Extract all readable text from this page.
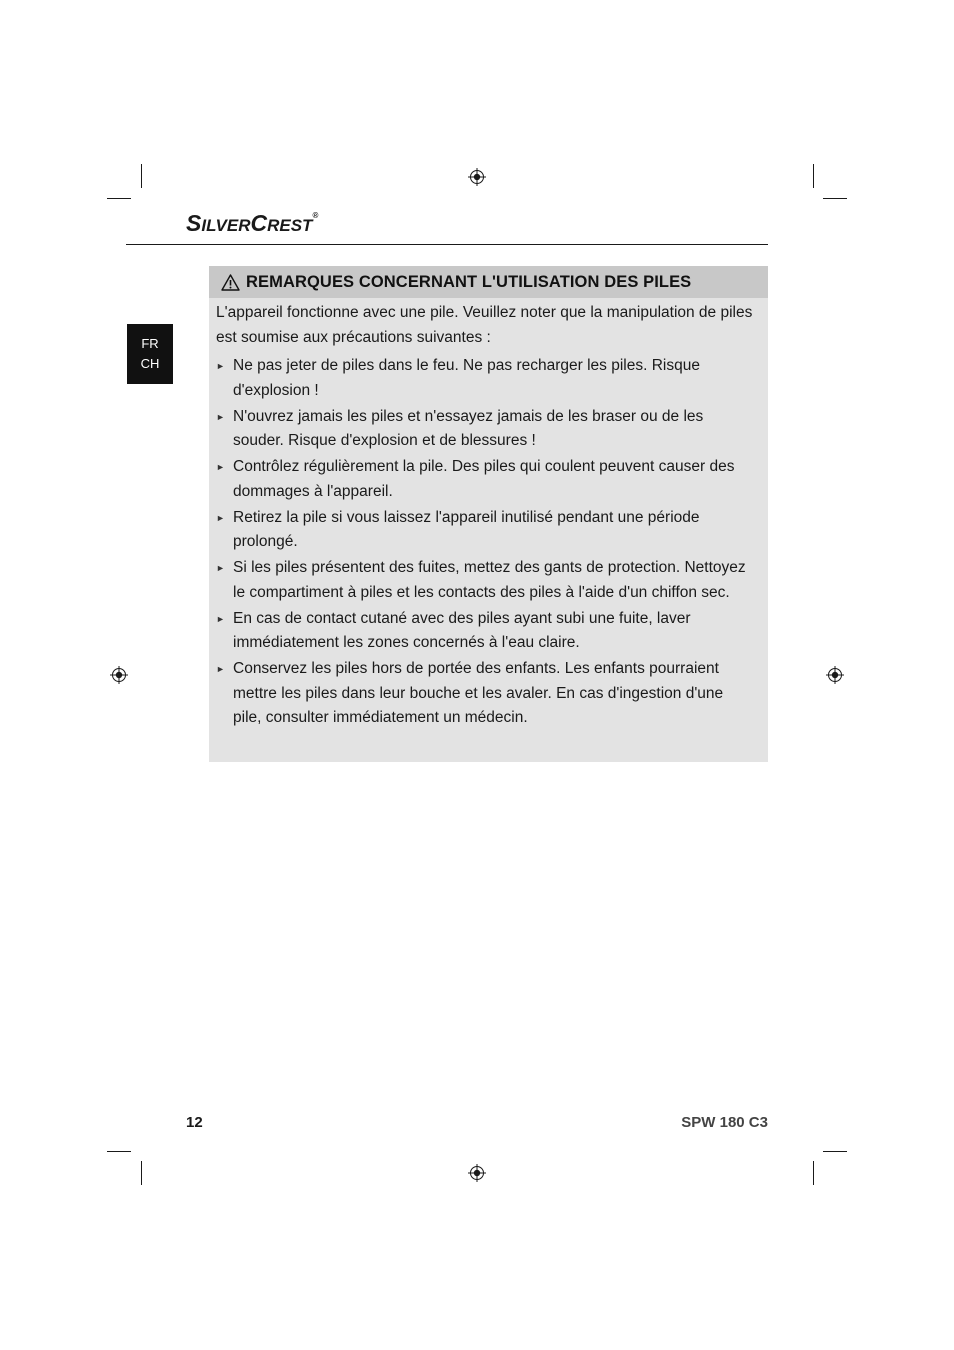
SILVERCREST®
FR
CH
REMARQUES CONCERNANT L'UTILISATION DES PILES

L'appareil fonctionne avec une pile. Veuillez noter que la manipulation de piles est soumise aux précautions suivantes :

► Ne pas jeter de piles dans le feu. Ne pas recharger les piles. Risque d'explosion !
► N'ouvrez jamais les piles et n'essayez jamais de les braser ou de les souder. Risque d'explosion et de blessures !
► Contrôlez régulièrement la pile. Des piles qui coulent peuvent causer des dommages à l'appareil.
► Retirez la pile si vous laissez l'appareil inutilisé pendant une période prolongé.
► Si les piles présentent des fuites, mettez des gants de protection. Nettoyez le compartiment à piles et les contacts des piles à l'aide d'un chiffon sec.
► En cas de contact cutané avec des piles ayant subi une fuite, laver immédiatement les zones concernés à l'eau claire.
► Conservez les piles hors de portée des enfants. Les enfants pourraient mettre les piles dans leur bouche et les avaler. En cas d'ingestion d'une pile, consulter immédiatement un médecin.
12	SPW 180 C3
